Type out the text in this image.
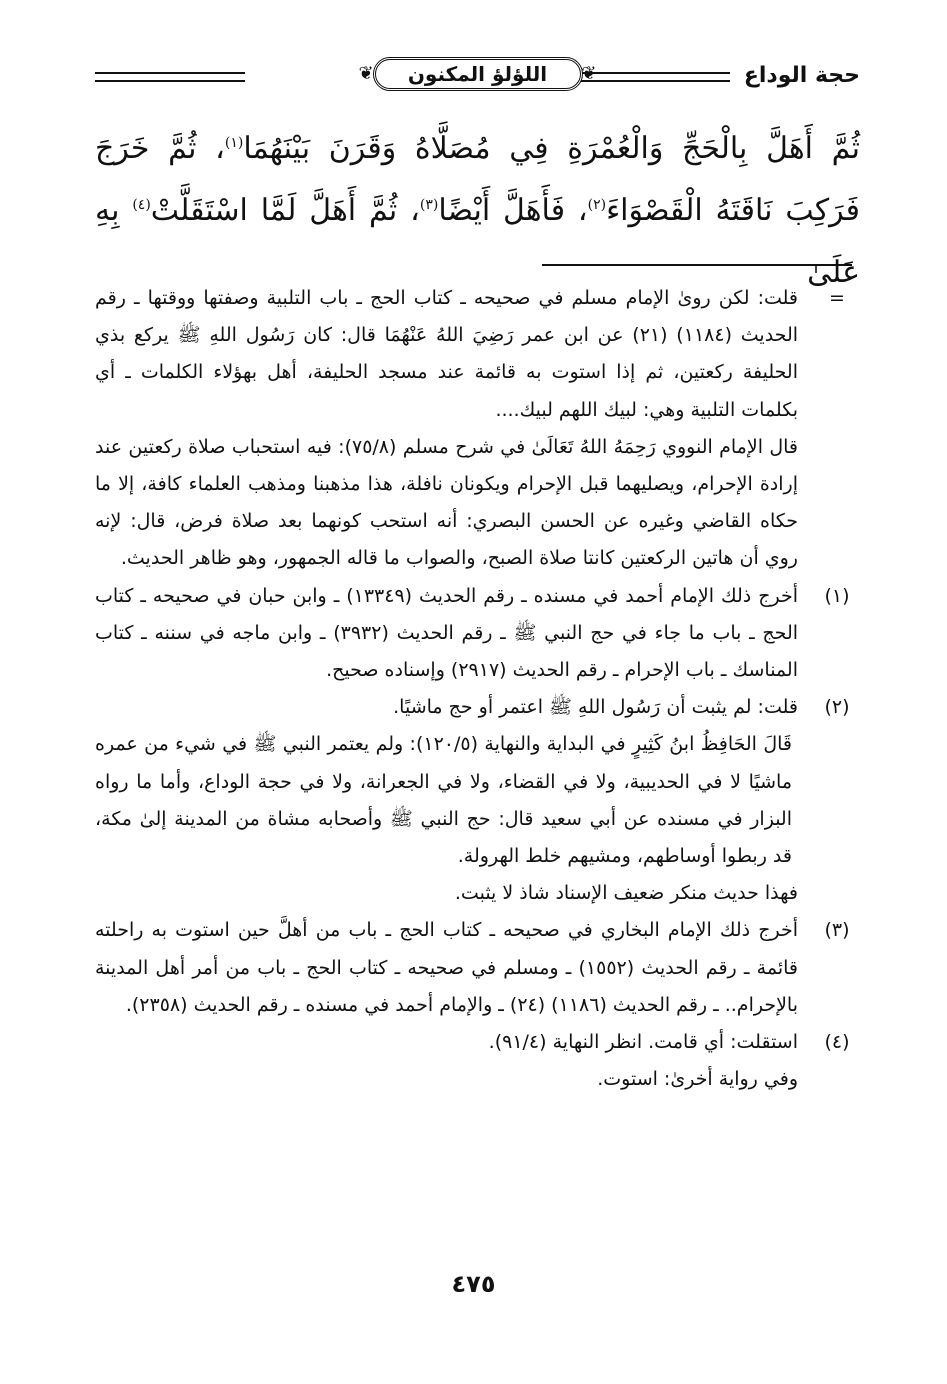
حجة الوداع
❦
اللؤلؤ المكنون
❦

ثُمَّ أَهَلَّ بِالْحَجِّ وَالْعُمْرَةِ فِي مُصَلَّاهُ وَقَرَنَ بَيْنَهُمَا$^{(١)}$، ثُمَّ خَرَجَ

فَرَكِبَ نَاقَتَهُ الْقَصْوَاءَ$^{(٢)}$، فَأَهَلَّ أَيْضًا$^{(٣)}$، ثُمَّ أَهَلَّ لَمَّا اسْتَقَلَّتْ$^{(٤)}$ بِهِ عَلَىٰ

=

قلت: لكن روىٰ الإمام مسلم في صحيحه ـ كتاب الحج ـ باب التلبية وصفتها ووقتها ـ رقم الحديث (١١٨٤) (٢١) عن ابن عمر رَضِيَ اللهُ عَنْهُمَا قال: كان رَسُول اللهِ ﷺ يركع بذي الحليفة ركعتين، ثم إذا استوت به قائمة عند مسجد الحليفة، أهل بهؤلاء الكلمات ـ أي بكلمات التلبية وهي: لبيك اللهم لبيك....

قال الإمام النووي رَحِمَهُ اللهُ تَعَالَىٰ في شرح مسلم (٧٥/٨): فيه استحباب صلاة ركعتين عند إرادة الإحرام، ويصليهما قبل الإحرام ويكونان نافلة، هذا مذهبنا ومذهب العلماء كافة، إلا ما حكاه القاضي وغيره عن الحسن البصري: أنه استحب كونهما بعد صلاة فرض، قال: لإنه روي أن هاتين الركعتين كانتا صلاة الصبح، والصواب ما قاله الجمهور، وهو ظاهر الحديث.

(١)

أخرج ذلك الإمام أحمد في مسنده ـ رقم الحديث (١٣٣٤٩) ـ وابن حبان في صحيحه ـ كتاب الحج ـ باب ما جاء في حج النبي ﷺ ـ رقم الحديث (٣٩٣٢) ـ وابن ماجه في سننه ـ كتاب المناسك ـ باب الإحرام ـ رقم الحديث (٢٩١٧) وإسناده صحيح.

(٢)

قلت: لم يثبت أن رَسُول اللهِ ﷺ اعتمر أو حج ماشيًا.

قَالَ الحَافِظُ ابنُ كَثِيرٍ في البداية والنهاية (١٢٠/٥): ولم يعتمر النبي ﷺ في شيء من عمره ماشيًا لا في الحديبية، ولا في القضاء، ولا في الجعرانة، ولا في حجة الوداع، وأما ما رواه البزار في مسنده عن أبي سعيد قال: حج النبي ﷺ وأصحابه مشاة من المدينة إلىٰ مكة، قد ربطوا أوساطهم، ومشيهم خلط الهرولة.

فهذا حديث منكر ضعيف الإسناد شاذ لا يثبت.

(٣)

أخرج ذلك الإمام البخاري في صحيحه ـ كتاب الحج ـ باب من أهلَّ حين استوت به راحلته قائمة ـ رقم الحديث (١٥٥٢) ـ ومسلم في صحيحه ـ كتاب الحج ـ باب من أمر أهل المدينة بالإحرام.. ـ رقم الحديث (١١٨٦) (٢٤) ـ والإمام أحمد في مسنده ـ رقم الحديث (٢٣٥٨).

(٤)

استقلت: أي قامت. انظر النهاية (٩١/٤).

وفي رواية أخرىٰ: استوت.

٤٧٥
